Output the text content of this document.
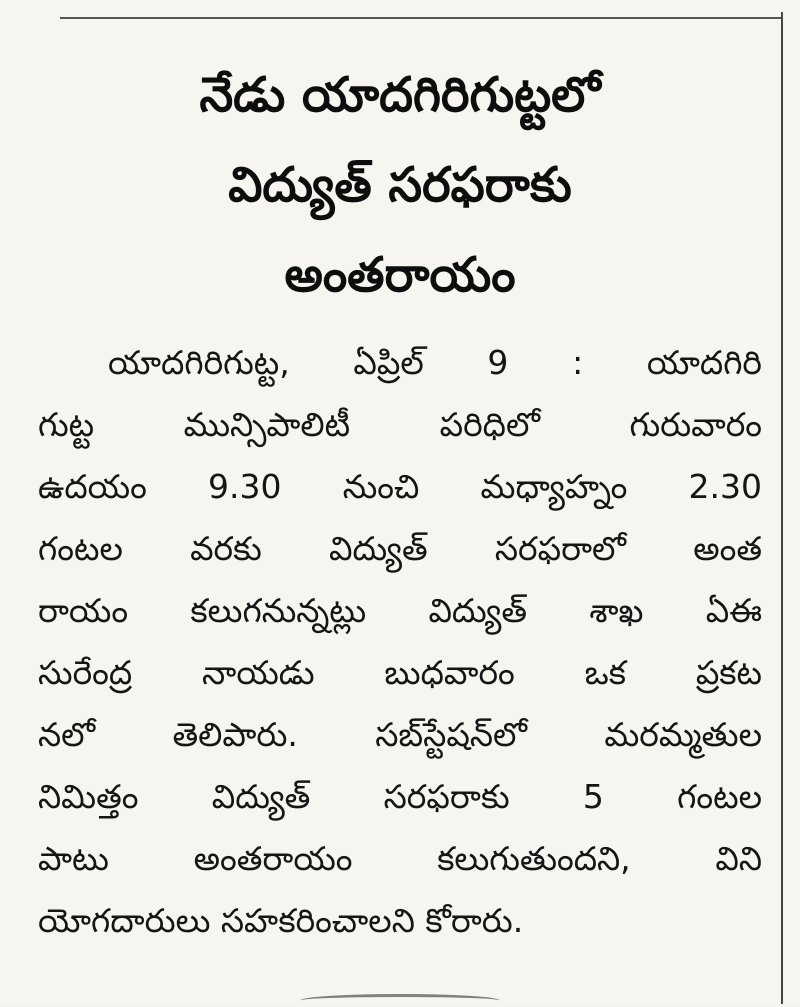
నేడు యాదగిరిగుట్టలో
విద్యుత్‌ సరఫరాకు
అంతరాయం
యాదగిరిగుట్ట, ఏప్రిల్‌ 9 : యాదగిరి
గుట్ట మున్సిపాలిటీ పరిధిలో గురువారం
ఉదయం 9.30 నుంచి మధ్యాహ్నం 2.30
గంటల వరకు విద్యుత్‌ సరఫరాలో అంత
రాయం కలుగనున్నట్లు విద్యుత్‌ శాఖ ఏఈ
సురేంద్ర నాయడు బుధవారం ఒక ప్రకట
నలో తెలిపారు. సబ్‌స్టేషన్‌లో మరమ్మతుల
నిమిత్తం విద్యుత్‌ సరఫరాకు 5 గంటల
పాటు అంతరాయం కలుగుతుందని, విని
యోగదారులు సహకరించాలని కోరారు.
